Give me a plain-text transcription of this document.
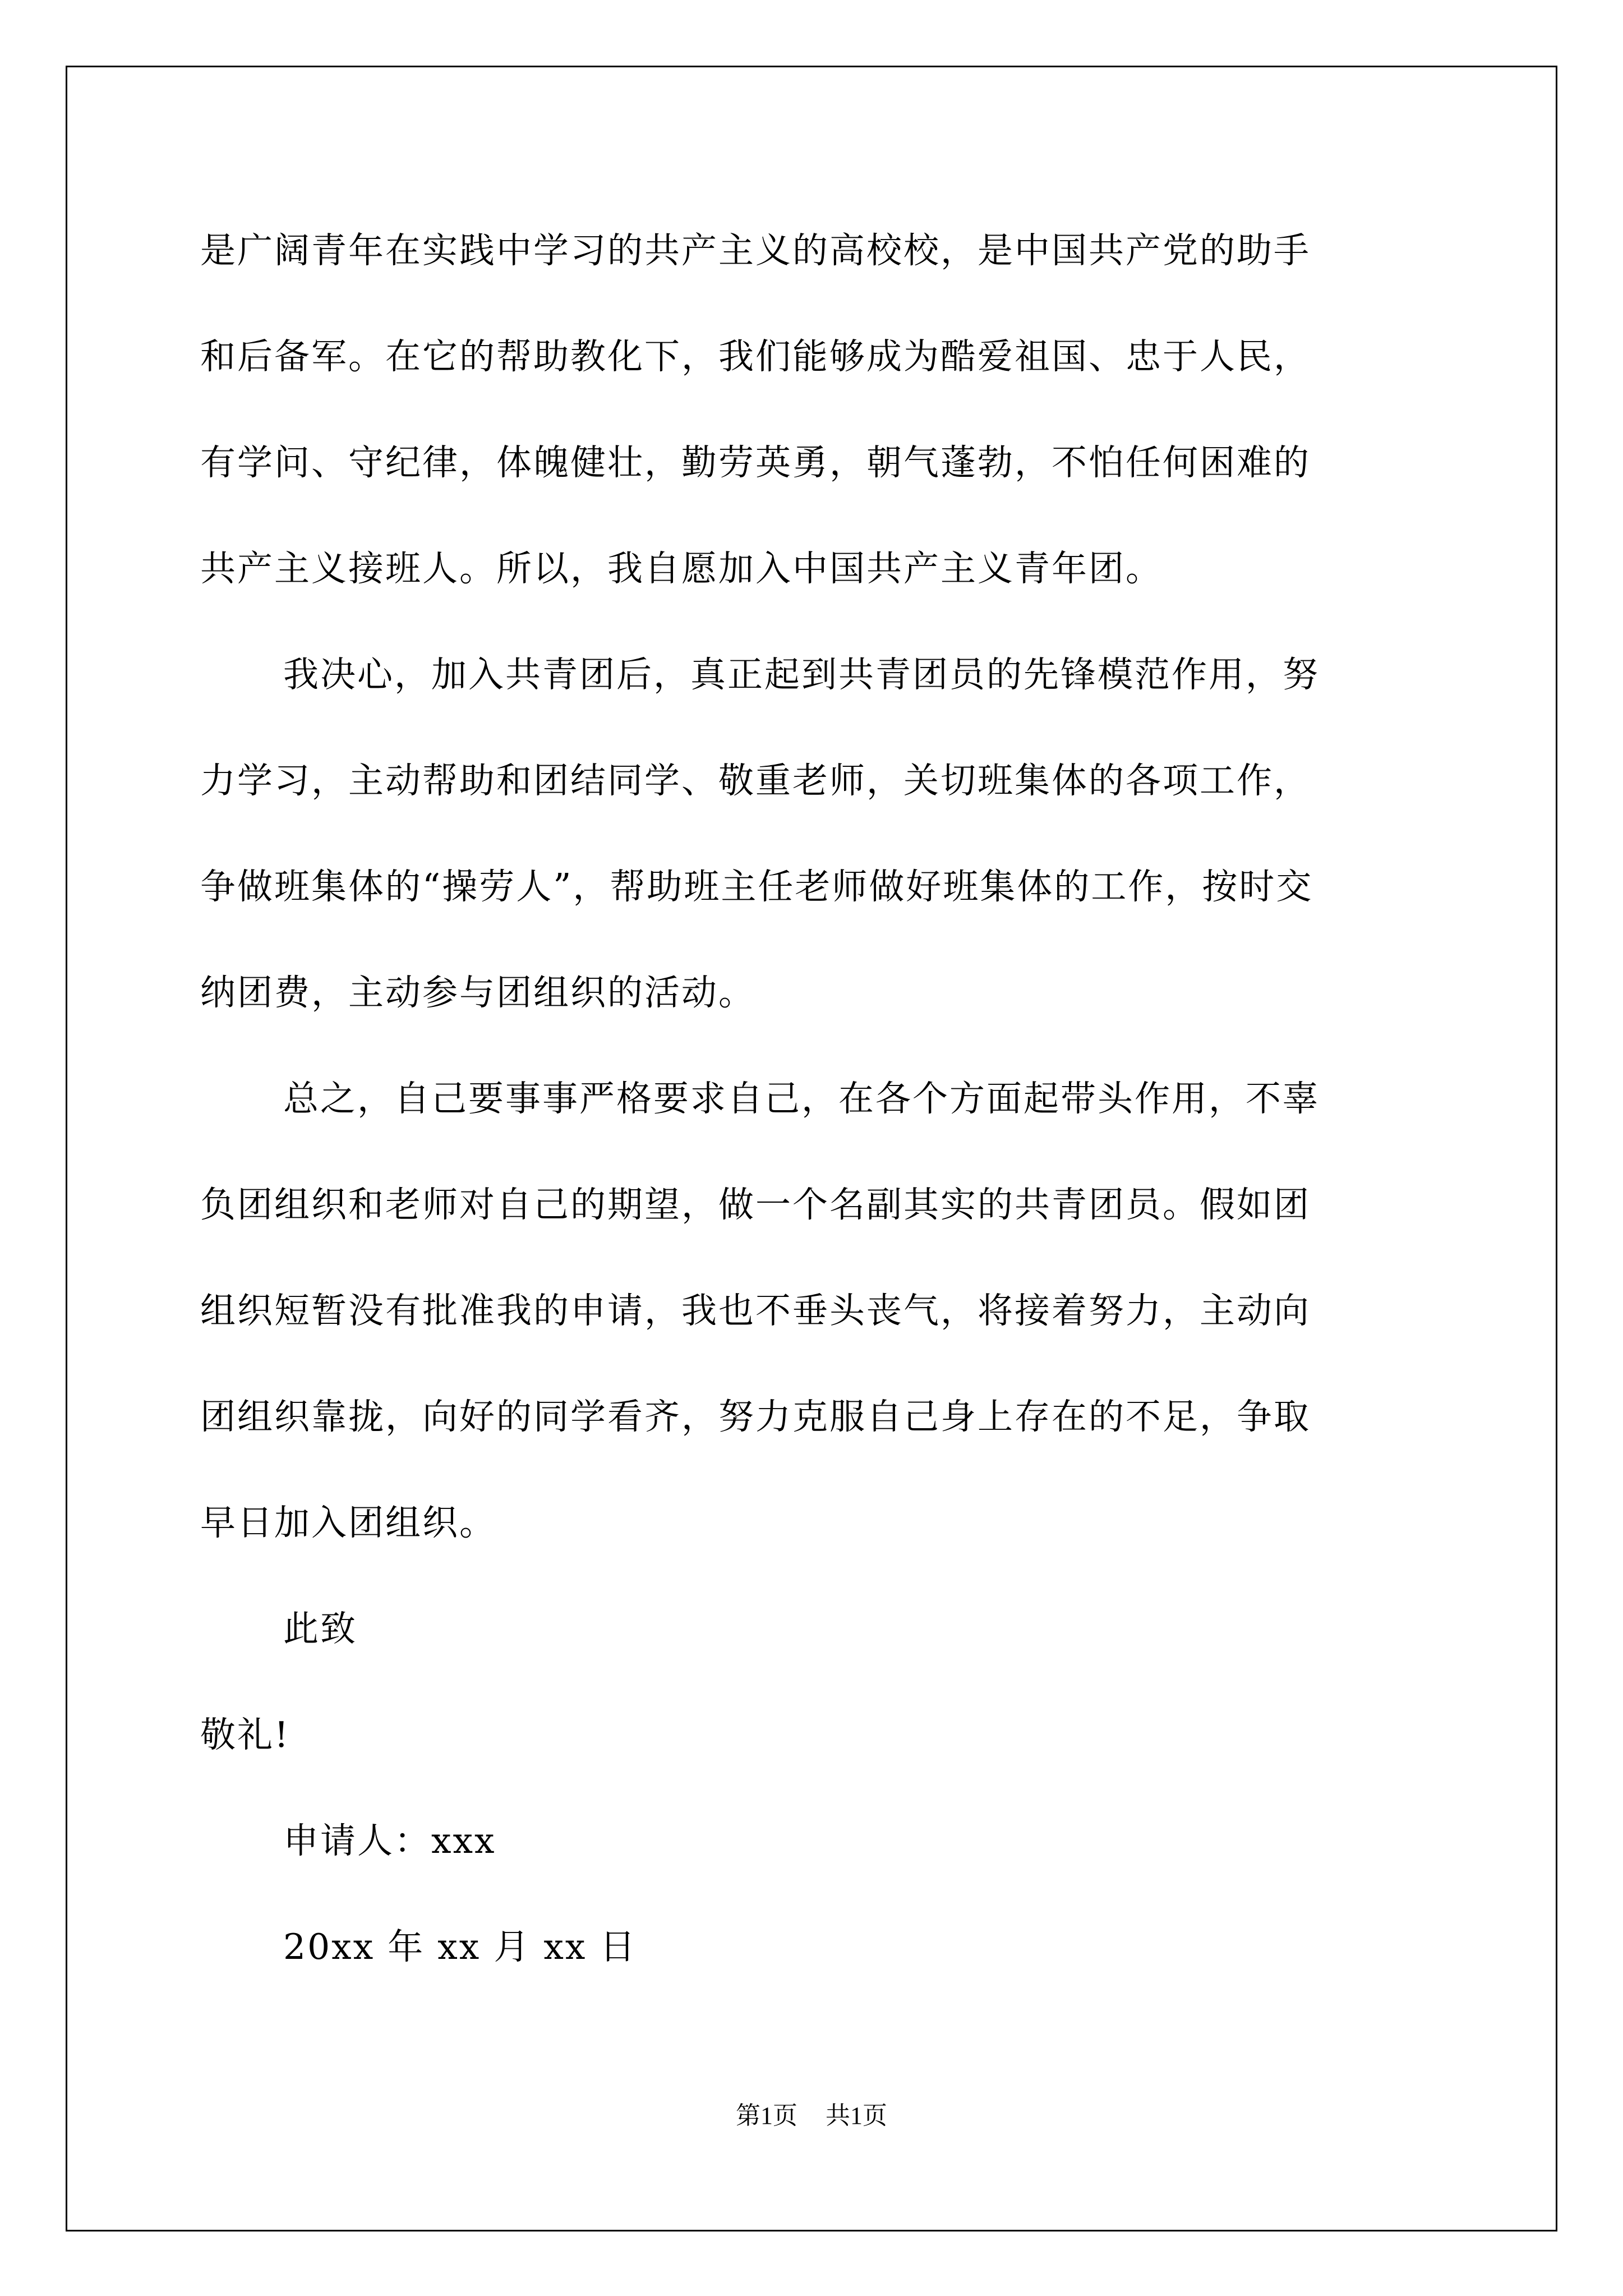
是广阔青年在实践中学习的共产主义的高校校，是中国共产党的助手

和后备军。在它的帮助教化下，我们能够成为酷爱祖国、忠于人民，

有学问、守纪律，体魄健壮，勤劳英勇，朝气蓬勃，不怕任何困难的

共产主义接班人。所以，我自愿加入中国共产主义青年团。

我决心，加入共青团后，真正起到共青团员的先锋模范作用，努

力学习，主动帮助和团结同学、敬重老师，关切班集体的各项工作，

争做班集体的“操劳人”，帮助班主任老师做好班集体的工作，按时交

纳团费，主动参与团组织的活动。

总之，自己要事事严格要求自己，在各个方面起带头作用，不辜

负团组织和老师对自己的期望，做一个名副其实的共青团员。假如团

组织短暂没有批准我的申请，我也不垂头丧气，将接着努力，主动向

团组织靠拢，向好的同学看齐，努力克服自己身上存在的不足，争取

早日加入团组织。

此致

敬礼!

申请人：xxx

20xx 年 xx 月 xx 日

第1页 共1页
